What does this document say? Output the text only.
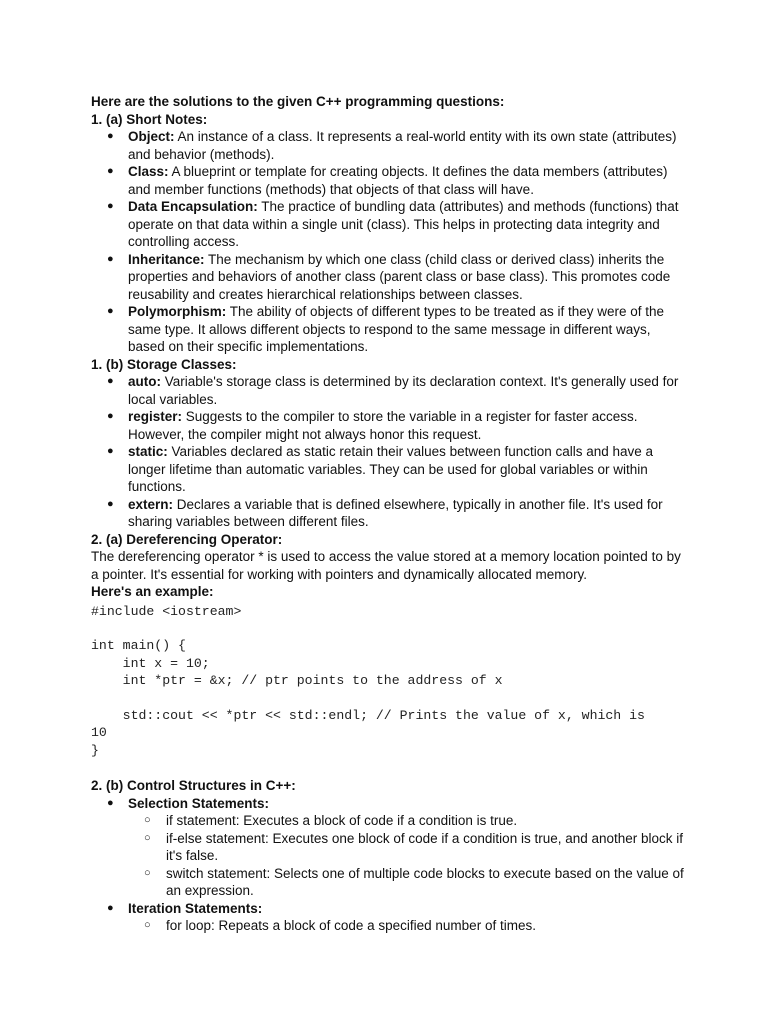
Here are the solutions to the given C++ programming questions:

1. (a) Short Notes:

● Object: An instance of a class. It represents a real-world entity with its own state (attributes) and behavior (methods).
● Class: A blueprint or template for creating objects. It defines the data members (attributes) and member functions (methods) that objects of that class will have.
● Data Encapsulation: The practice of bundling data (attributes) and methods (functions) that operate on that data within a single unit (class). This helps in protecting data integrity and controlling access.
● Inheritance: The mechanism by which one class (child class or derived class) inherits the properties and behaviors of another class (parent class or base class). This promotes code reusability and creates hierarchical relationships between classes.
● Polymorphism: The ability of objects of different types to be treated as if they were of the same type. It allows different objects to respond to the same message in different ways, based on their specific implementations.

1. (b) Storage Classes:

● auto: Variable's storage class is determined by its declaration context. It's generally used for local variables.
● register: Suggests to the compiler to store the variable in a register for faster access. However, the compiler might not always honor this request.
● static: Variables declared as static retain their values between function calls and have a longer lifetime than automatic variables. They can be used for global variables or within functions.
● extern: Declares a variable that is defined elsewhere, typically in another file. It's used for sharing variables between different files.

2. (a) Dereferencing Operator:

The dereferencing operator * is used to access the value stored at a memory location pointed to by a pointer. It's essential for working with pointers and dynamically allocated memory.

Here's an example:

#include <iostream>

int main() {
int x = 10;
int *ptr = &x; // ptr points to the address of x

std::cout << *ptr << std::endl; // Prints the value of x, which is
10
}

2. (b) Control Structures in C++:

● Selection Statements:
○ if statement: Executes a block of code if a condition is true.
○ if-else statement: Executes one block of code if a condition is true, and another block if it's false.
○ switch statement: Selects one of multiple code blocks to execute based on the value of an expression.
● Iteration Statements:
○ for loop: Repeats a block of code a specified number of times.
